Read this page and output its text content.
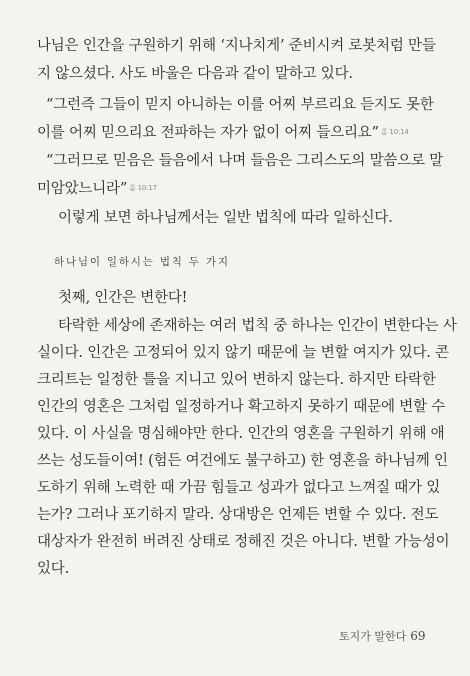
나님은 인간을 구원하기 위해 ‘지나치게’ 준비시켜 로봇처럼 만들
지 않으셨다. 사도 바울은 다음과 같이 말하고 있다.
“그런즉 그들이 믿지 아니하는 이를 어찌 부르리요 듣지도 못한
이를 어찌 믿으리요 전파하는 자가 없이 어찌 들으리요” $^{롬 10:14}$
“그러므로 믿음은 들음에서 나며 들음은 그리스도의 말씀으로 말
미암았느니라” $^{롬 10:17}$
이렇게 보면 하나님께서는 일반 법칙에 따라 일하신다.
하나님이 일하시는 법칙 두 가지
첫째, 인간은 변한다!
타락한 세상에 존재하는 여러 법칙 중 하나는 인간이 변한다는 사
실이다. 인간은 고정되어 있지 않기 때문에 늘 변할 여지가 있다. 콘
크리트는 일정한 틀을 지니고 있어 변하지 않는다. 하지만 타락한
인간의 영혼은 그처럼 일정하거나 확고하지 못하기 때문에 변할 수
있다. 이 사실을 명심해야만 한다. 인간의 영혼을 구원하기 위해 애
쓰는 성도들이여! (험든 여건에도 불구하고) 한 영혼을 하나님께 인
도하기 위해 노력한 때 가끔 힘들고 성과가 없다고 느껴질 때가 있
는가? 그러나 포기하지 말라. 상대방은 언제든 변할 수 있다. 전도
대상자가 완전히 버려진 상태로 정해진 것은 아니다. 변할 가능성이
있다.
토지가 말한다 69
